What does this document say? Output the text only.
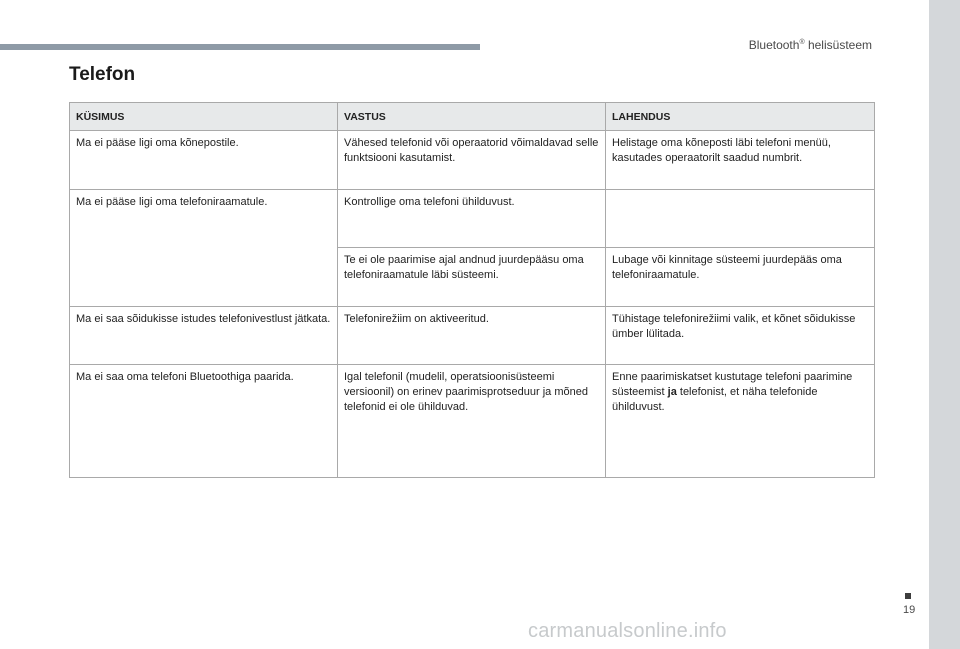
Bluetooth® helisüsteem
Telefon
KÜSIMUS	VASTUS	LAHENDUS
Ma ei pääse ligi oma kõnepostile.	Vähesed telefonid või operaatorid võimaldavad selle funktsiooni kasutamist.	Helistage oma kõneposti läbi telefoni menüü, kasutades operaatorilt saadud numbrit.
Ma ei pääse ligi oma telefoniraamatule.	Kontrollige oma telefoni ühilduvust.	
	Te ei ole paarimise ajal andnud juurdepääsu oma telefoniraamatule läbi süsteemi.	Lubage või kinnitage süsteemi juurdepääs oma telefoniraamatule.
Ma ei saa sõidukisse istudes telefonivestlust jätkata.	Telefonirežiim on aktiveeritud.	Tühistage telefonirežiimi valik, et kõnet sõidukisse ümber lülitada.
Ma ei saa oma telefoni Bluetoothiga paarida.	Igal telefonil (mudelil, operatsioonisüsteemi versioonil) on erinev paarimisprotseduur ja mõned telefonid ei ole ühilduvad.	Enne paarimiskatset kustutage telefoni paarimine süsteemist ja telefonist, et näha telefonide ühilduvust.
19
carmanualsonline.info
